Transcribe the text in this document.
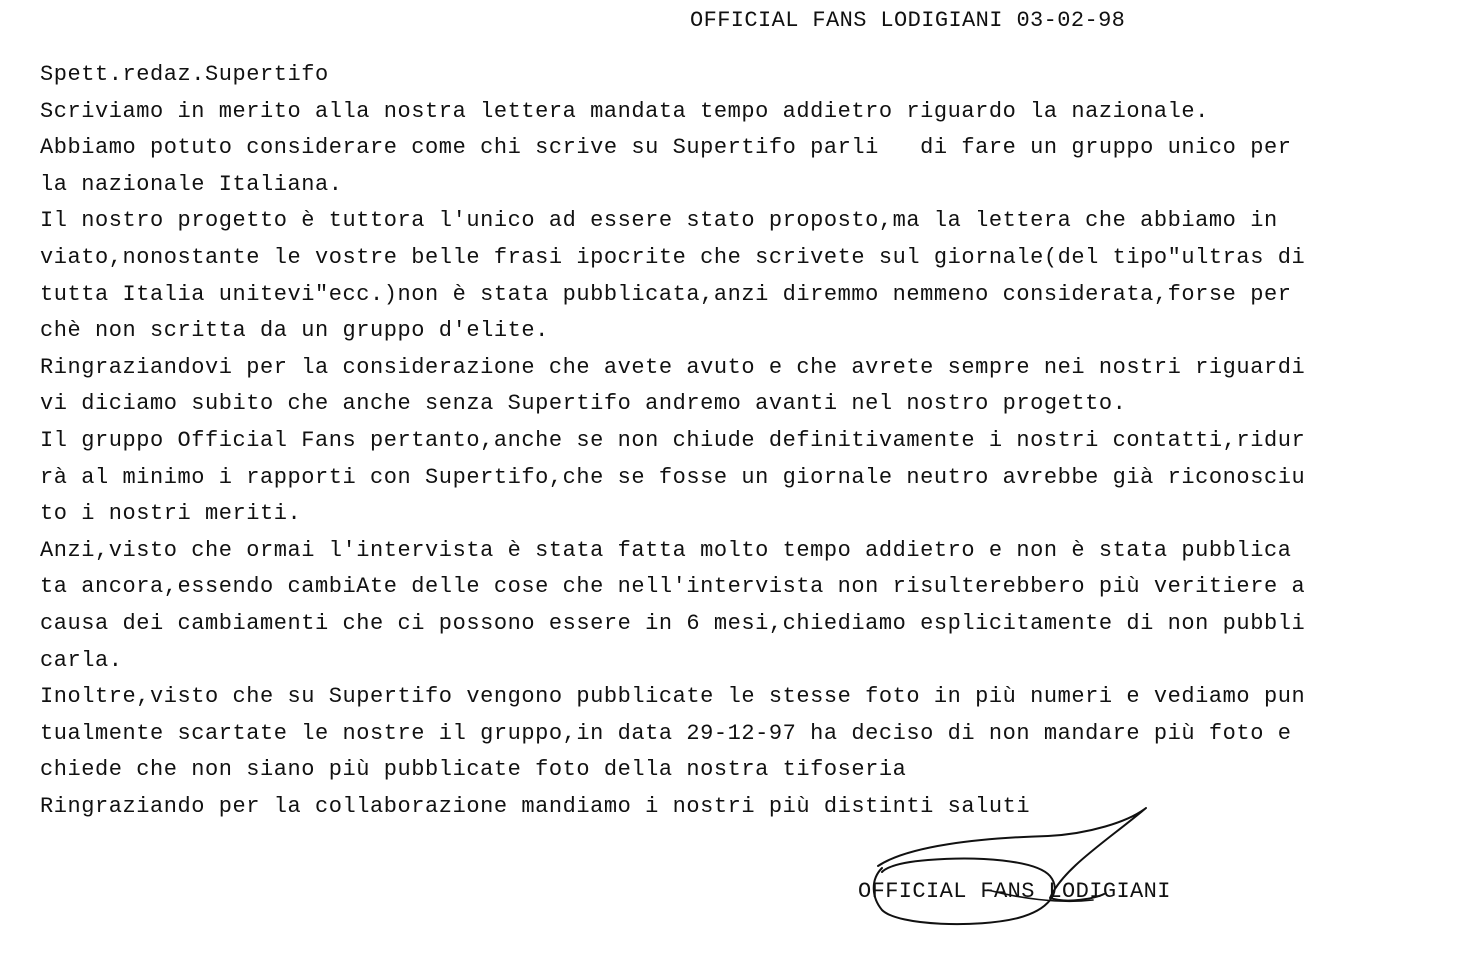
OFFICIAL FANS LODIGIANI 03-02-98
Spett.redaz.Supertifo
Scriviamo in merito alla nostra lettera mandata tempo addietro riguardo la nazionale.
Abbiamo potuto considerare come chi scrive su Supertifo parli   di fare un gruppo unico per
la nazionale Italiana.
Il nostro progetto è tuttora l'unico ad essere stato proposto,ma la lettera che abbiamo in
viato,nonostante le vostre belle frasi ipocrite che scrivete sul giornale(del tipo"ultras di
tutta Italia unitevi"ecc.)non è stata pubblicata,anzi diremmo nemmeno considerata,forse per
chè non scritta da un gruppo d'elite.
Ringraziandovi per la considerazione che avete avuto e che avrete sempre nei nostri riguardi
vi diciamo subito che anche senza Supertifo andremo avanti nel nostro progetto.
Il gruppo Official Fans pertanto,anche se non chiude definitivamente i nostri contatti,ridur
rà al minimo i rapporti con Supertifo,che se fosse un giornale neutro avrebbe già riconosciu
to i nostri meriti.
Anzi,visto che ormai l'intervista è stata fatta molto tempo addietro e non è stata pubblica
ta ancora,essendo cambiAte delle cose che nell'intervista non risulterebbero più veritiere a
causa dei cambiamenti che ci possono essere in 6 mesi,chiediamo esplicitamente di non pubbli
carla.
Inoltre,visto che su Supertifo vengono pubblicate le stesse foto in più numeri e vediamo pun
tualmente scartate le nostre il gruppo,in data 29-12-97 ha deciso di non mandare più foto e
chiede che non siano più pubblicate foto della nostra tifoseria
Ringraziando per la collaborazione mandiamo i nostri più distinti saluti
OFFICIAL FANS LODIGIANI
